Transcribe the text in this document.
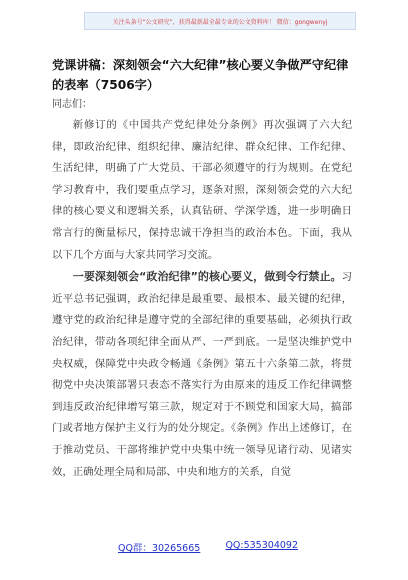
关注头条号“公文研究”，获得最新最全最专业的公文资料库！ 微信：gongwenyj

党课讲稿：深刻领会“六大纪律”核心要义争做严守纪律的表率（7506字）

同志们：

新修订的《中国共产党纪律处分条例》再次强调了六大纪律，即政治纪律、组织纪律、廉洁纪律、群众纪律、工作纪律、生活纪律，明确了广大党员、干部必须遵守的行为规则。在党纪学习教育中，我们要重点学习，逐条对照，深刻领会党的六大纪律的核心要义和逻辑关系，认真钻研、学深学透，进一步明确日常言行的衡量标尺，保持忠诚干净担当的政治本色。下面，我从以下几个方面与大家共同学习交流。

一要深刻领会“政治纪律”的核心要义，做到令行禁止。习近平总书记强调，政治纪律是最重要、最根本、最关键的纪律，遵守党的政治纪律是遵守党的全部纪律的重要基础，必须执行政治纪律，带动各项纪律全面从严、一严到底。一是坚决维护党中央权威，保障党中央政令畅通《条例》第五十六条第二款，将贯彻党中央决策部署只表态不落实行为由原来的违反工作纪律调整到违反政治纪律增写第三款，规定对于不顾党和国家大局，搞部门或者地方保护主义行为的处分规定。《条例》作出上述修订，在于推动党员、干部将维护党中央集中统一领导见诸行动、见诸实效，正确处理全局和局部、中央和地方的关系，自觉

QQ群：30265665	QQ:535304092
